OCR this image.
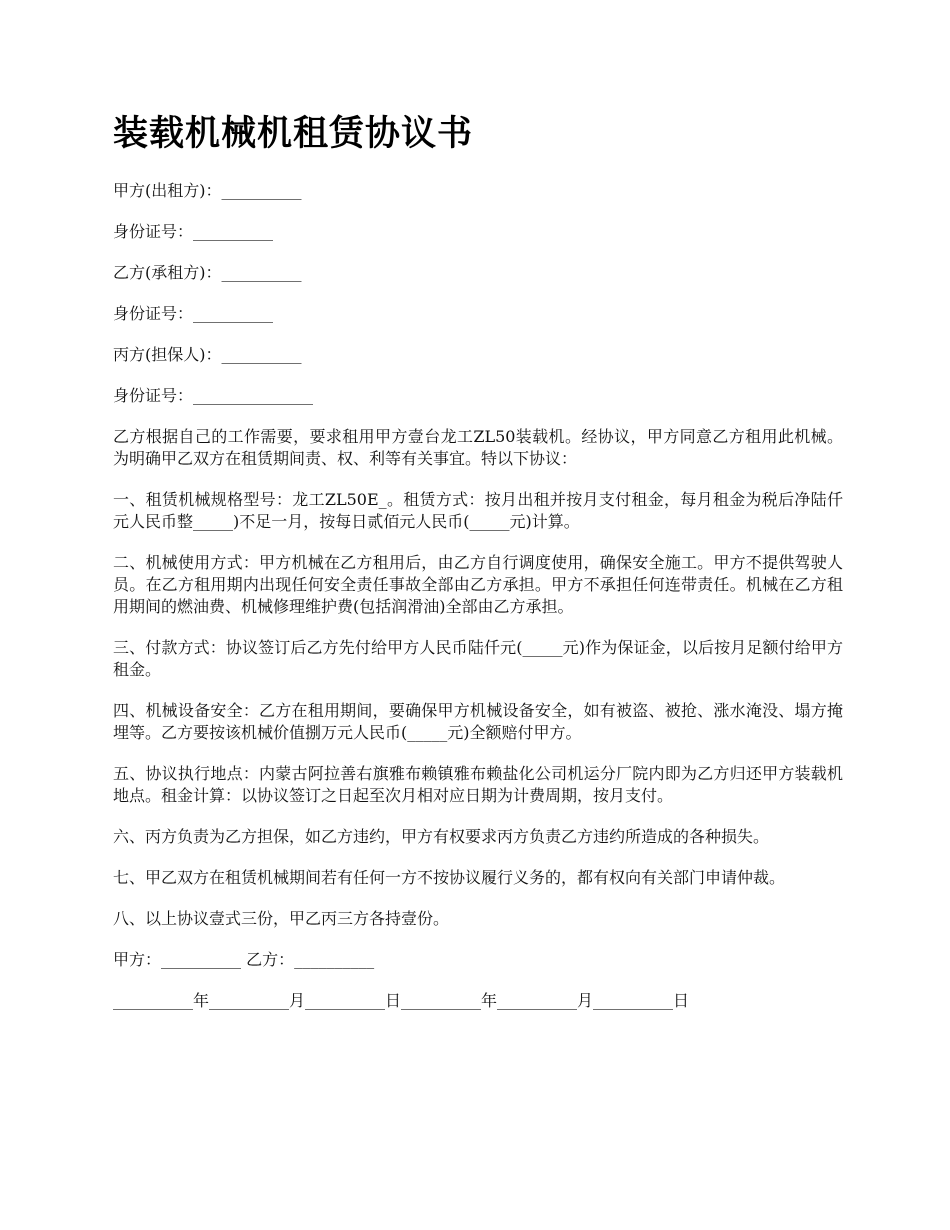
装载机械机租赁协议书
甲方(出租方)：__________
身份证号：__________
乙方(承租方)：__________
身份证号：__________
丙方(担保人)：__________
身份证号：_______________

乙方根据自己的工作需要，要求租用甲方壹台龙工ZL50装载机。经协议，甲方同意乙方租用此机械。为明确甲乙双方在租赁期间责、权、利等有关事宜。特以下协议：

一、租赁机械规格型号：龙工ZL50E_。租赁方式：按月出租并按月支付租金，每月租金为税后净陆仟元人民币整_____)不足一月，按每日贰佰元人民币(_____元)计算。

二、机械使用方式：甲方机械在乙方租用后，由乙方自行调度使用，确保安全施工。甲方不提供驾驶人员。在乙方租用期内出现任何安全责任事故全部由乙方承担。甲方不承担任何连带责任。机械在乙方租用期间的燃油费、机械修理维护费(包括润滑油)全部由乙方承担。

三、付款方式：协议签订后乙方先付给甲方人民币陆仟元(_____元)作为保证金，以后按月足额付给甲方租金。

四、机械设备安全：乙方在租用期间，要确保甲方机械设备安全，如有被盗、被抢、涨水淹没、塌方掩埋等。乙方要按该机械价值捌万元人民币(_____元)全额赔付甲方。

五、协议执行地点：内蒙古阿拉善右旗雅布赖镇雅布赖盐化公司机运分厂院内即为乙方归还甲方装载机地点。租金计算：以协议签订之日起至次月相对应日期为计费周期，按月支付。

六、丙方负责为乙方担保，如乙方违约，甲方有权要求丙方负责乙方违约所造成的各种损失。

七、甲乙双方在租赁机械期间若有任何一方不按协议履行义务的，都有权向有关部门申请仲裁。

八、以上协议壹式三份，甲乙丙三方各持壹份。

甲方：__________ 乙方：__________
__________年__________月__________日__________年__________月__________日
